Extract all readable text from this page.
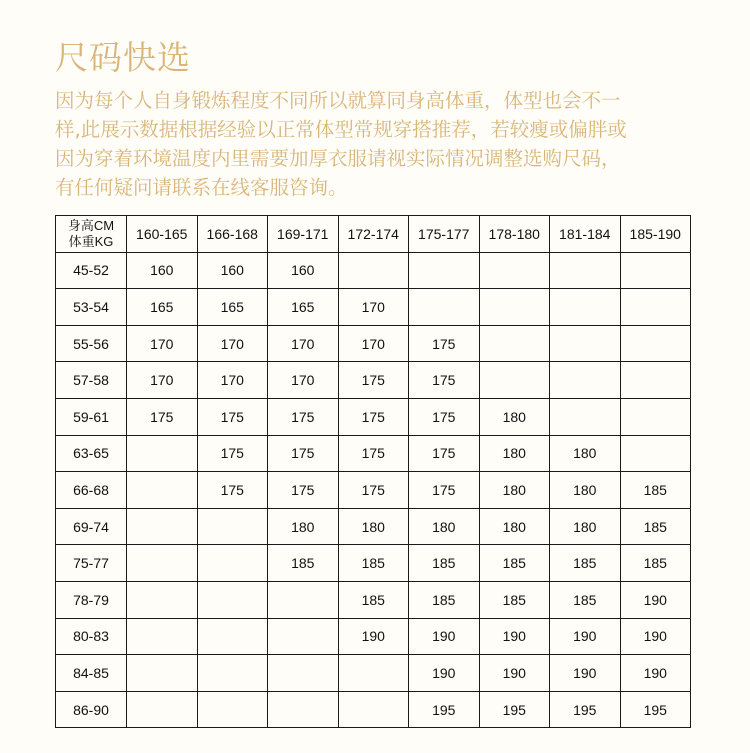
尺码快选
因为每个人自身锻炼程度不同所以就算同身高体重，体型也会不一
样,此展示数据根据经验以正常体型常规穿搭推荐，若较瘦或偏胖或
因为穿着环境温度内里需要加厚衣服请视实际情况调整选购尺码，
有任何疑问请联系在线客服咨询。
身高CM
体重KG	160-165	166-168	169-171	172-174	175-177	178-180	181-184	185-190
45-52	160	160	160					
53-54	165	165	165	170				
55-56	170	170	170	170	175			
57-58	170	170	170	175	175			
59-61	175	175	175	175	175	180		
63-65		175	175	175	175	180	180	
66-68		175	175	175	175	180	180	185
69-74			180	180	180	180	180	185
75-77			185	185	185	185	185	185
78-79				185	185	185	185	190
80-83				190	190	190	190	190
84-85					190	190	190	190
86-90					195	195	195	195
